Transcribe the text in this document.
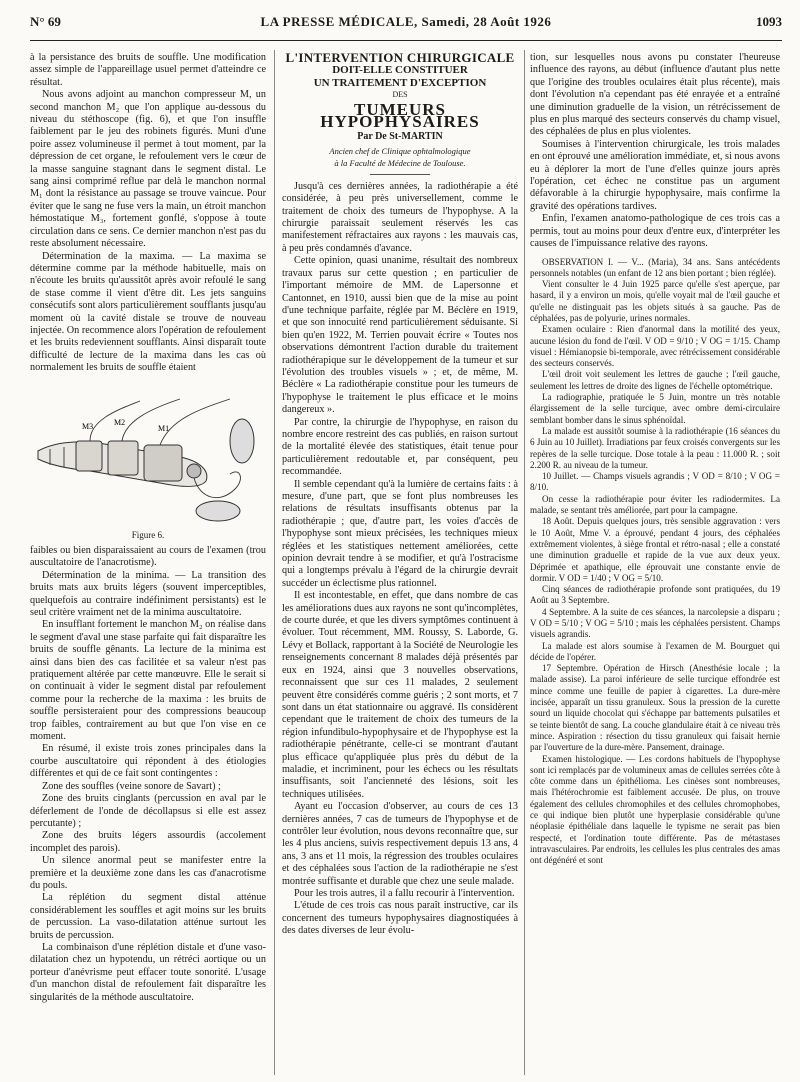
N° 69	LA PRESSE MÉDICALE, Samedi, 28 Août 1926	1093

à la persistance des bruits de souffle. Une modification assez simple de l'appareillage usuel permet d'atteindre ce résultat.

Nous avons adjoint au manchon compresseur M, un second manchon M₂ que l'on applique au-dessous du niveau du stéthoscope (fig. 6), et que l'on insuffle faiblement par le jeu des robinets figurés. Muni d'une poire assez volumineuse il permet à tout moment, par la dépression de cet organe, le refoulement vers le cœur de la masse sanguine stagnant dans le segment distal. Le sang ainsi comprimé reflue par delà le manchon normal M₁ dont la résistance au passage se trouve vaincue. Pour éviter que le sang ne fuse vers la main, un étroit manchon hémostatique M₃, fortement gonflé, s'oppose à toute circulation dans ce sens. Ce dernier manchon n'est pas du reste absolument nécessaire.

Détermination de la maxima. — La maxima se détermine comme par la méthode habituelle, mais on n'écoute les bruits qu'aussitôt après avoir refoulé le sang de stase comme il vient d'être dit. Les jets sanguins consécutifs sont alors particulièrement soufflants jusqu'au moment où la cavité distale se trouve de nouveau injectée. On recommence alors l'opération de refoulement et les bruits redeviennent soufflants. Ainsi disparaît toute difficulté de lecture de la maxima dans les cas où normalement les bruits de souffle étaient

M3	M2
M1
Figure 6.

faibles ou bien disparaissaient au cours de l'examen (trou auscultatoire de l'anacrotisme).

Détermination de la minima. — La transition des bruits mats aux bruits légers (souvent imperceptibles, quelquefois au contraire indéfiniment persistants) est le seul critère vraiment net de la minima auscultatoire.

En insufflant fortement le manchon M₂ on réalise dans le segment d'aval une stase parfaite qui fait disparaître les bruits de souffle gênants. La lecture de la minima est ainsi dans bien des cas facilitée et sa valeur n'est pas pratiquement altérée par cette manœuvre. Elle le serait si on continuait à vider le segment distal par refoulement comme pour la recherche de la maxima : les bruits de souffle persisteraient pour des compressions beaucoup trop faibles, contrairement au but que l'on vise en ce moment.

En résumé, il existe trois zones principales dans la courbe auscultatoire qui répondent à des étiologies différentes et qui de ce fait sont contingentes :

Zone des souffles (veine sonore de Savart) ;

Zone des bruits cinglants (percussion en aval par le déferlement de l'onde de décollapsus si elle est assez percutante) ;

Zone des bruits légers assourdis (accolement incomplet des parois).

Un silence anormal peut se manifester entre la première et la deuxième zone dans les cas d'anacrotisme du pouls.

La réplétion du segment distal atténue considérablement les souffles et agit moins sur les bruits de percussion. La vaso-dilatation atténue surtout les bruits de percussion.

La combinaison d'une réplétion distale et d'une vaso-dilatation chez un hypotendu, un rétréci aortique ou un porteur d'anévrisme peut effacer toute sonorité. L'usage d'un manchon distal de refoulement fait disparaître les singularités de la méthode auscultatoire.

L'INTERVENTION CHIRURGICALE
DOIT-ELLE CONSTITUER
UN TRAITEMENT D'EXCEPTION
DES
TUMEURS HYPOPHYSAIRES
Par De St-MARTIN
Ancien chef de Clinique ophtalmologique
à la Faculté de Médecine de Toulouse.

Jusqu'à ces dernières années, la radiothérapie a été considérée, à peu près universellement, comme le traitement de choix des tumeurs de l'hypophyse. A la chirurgie paraissait seulement réservés les cas manifestement réfractaires aux rayons : les mauvais cas, à peu près condamnés d'avance.

Cette opinion, quasi unanime, résultait des nombreux travaux parus sur cette question ; en particulier de l'important mémoire de MM. de Lapersonne et Cantonnet, en 1910, aussi bien que de la mise au point d'une technique parfaite, réglée par M. Béclère en 1919, et que son innocuité rend particulièrement séduisante. Si bien qu'en 1922, M. Terrien pouvait écrire « Toutes nos observations démontrent l'action durable du traitement radiothérapique sur le développement de la tumeur et sur l'évolution des troubles visuels » ; et, de même, M. Béclère « La radiothérapie constitue pour les tumeurs de l'hypophyse le traitement le plus efficace et le moins dangereux ».

Par contre, la chirurgie de l'hypophyse, en raison du nombre encore restreint des cas publiés, en raison surtout de la mortalité élevée des statistiques, était tenue pour particulièrement redoutable et, par conséquent, peu recommandée.

Il semble cependant qu'à la lumière de certains faits : à mesure, d'une part, que se font plus nombreuses les relations de résultats insuffisants obtenus par la radiothérapie ; que, d'autre part, les voies d'accès de l'hypophyse sont mieux précisées, les techniques mieux réglées et les statistiques nettement améliorées, cette opinion devrait tendre à se modifier, et qu'à l'ostracisme qui a longtemps prévalu à l'égard de la chirurgie devrait succéder un éclectisme plus rationnel.

Il est incontestable, en effet, que dans nombre de cas les améliorations dues aux rayons ne sont qu'incomplètes, de courte durée, et que les divers symptômes continuent à évoluer. Tout récemment, MM. Roussy, S. Laborde, G. Lévy et Bollack, rapportant à la Société de Neurologie les renseignements concernant 8 malades déjà présentés par eux en 1924, ainsi que 3 nouvelles observations, reconnaissent que sur ces 11 malades, 2 seulement peuvent être considérés comme guéris ; 2 sont morts, et 7 sont dans un état stationnaire ou aggravé. Ils considèrent cependant que le traitement de choix des tumeurs de la région infundibulo-hypophysaire et de l'hypophyse est la radiothérapie pénétrante, celle-ci se montrant d'autant plus efficace qu'appliquée plus près du début de la maladie, et incriminent, pour les échecs ou les résultats insuffisants, soit l'ancienneté des lésions, soit les techniques utilisées.

Ayant eu l'occasion d'observer, au cours de ces 13 dernières années, 7 cas de tumeurs de l'hypophyse et de contrôler leur évolution, nous devons reconnaître que, sur les 4 plus anciens, suivis respectivement depuis 13 ans, 4 ans, 3 ans et 11 mois, la régression des troubles oculaires et des céphalées sous l'action de la radiothérapie ne s'est montrée suffisante et durable que chez une seule malade.

Pour les trois autres, il a fallu recourir à l'intervention.

L'étude de ces trois cas nous paraît instructive, car ils concernent des tumeurs hypophysaires diagnostiquées à des dates diverses de leur évolu-

tion, sur lesquelles nous avons pu constater l'heureuse influence des rayons, au début (influence d'autant plus nette que l'origine des troubles oculaires était plus récente), mais dont l'évolution n'a cependant pas été enrayée et a entraîné une diminution graduelle de la vision, un rétrécissement de plus en plus marqué des secteurs conservés du champ visuel, des céphalées de plus en plus violentes.

Soumises à l'intervention chirurgicale, les trois malades en ont éprouvé une amélioration immédiate, et, si nous avons eu à déplorer la mort de l'une d'elles quinze jours après l'opération, cet échec ne constitue pas un argument défavorable à la chirurgie hypophysaire, mais confirme la gravité des opérations tardives.

Enfin, l'examen anatomo-pathologique de ces trois cas a permis, tout au moins pour deux d'entre eux, d'interpréter les causes de l'impuissance relative des rayons.

OBSERVATION I. — V... (Maria), 34 ans. Sans antécédents personnels notables (un enfant de 12 ans bien portant ; bien réglée).

Vient consulter le 4 Juin 1925 parce qu'elle s'est aperçue, par hasard, il y a environ un mois, qu'elle voyait mal de l'œil gauche et qu'elle ne distinguait pas les objets situés à sa gauche. Pas de céphalées, pas de polyurie, urines normales.

Examen oculaire : Rien d'anormal dans la motilité des yeux, aucune lésion du fond de l'œil. V OD = 9/10 ; V OG = 1/15. Champ visuel : Hémianopsie bi-temporale, avec rétrécissement considérable des secteurs conservés.

L'œil droit voit seulement les lettres de gauche ; l'œil gauche, seulement les lettres de droite des lignes de l'échelle optométrique.

La radiographie, pratiquée le 5 Juin, montre un très notable élargissement de la selle turcique, avec ombre demi-circulaire semblant bomber dans le sinus sphénoïdal.

La malade est aussitôt soumise à la radiothérapie (16 séances du 6 Juin au 10 Juillet). Irradiations par feux croisés convergents sur les repères de la selle turcique. Dose totale à la peau : 11.000 R. ; soit 2.200 R. au niveau de la tumeur.

10 Juillet. — Champs visuels agrandis ; V OD = 8/10 ; V OG = 8/10.

On cesse la radiothérapie pour éviter les radiodermites. La malade, se sentant très améliorée, part pour la campagne.

18 Août. Depuis quelques jours, très sensible aggravation : vers le 10 Août, Mme V. a éprouvé, pendant 4 jours, des céphalées extrêmement violentes, à siège frontal et rétro-nasal ; elle a constaté une diminution graduelle et rapide de la vue aux deux yeux. Déprimée et apathique, elle éprouvait une constante envie de dormir. V OD = 1/40 ; V OG = 5/10.

Cinq séances de radiothérapie profonde sont pratiquées, du 19 Août au 3 Septembre.

4 Septembre. A la suite de ces séances, la narcolepsie a disparu ; V OD = 5/10 ; V OG = 5/10 ; mais les céphalées persistent. Champs visuels agrandis.

La malade est alors soumise à l'examen de M. Bourguet qui décide de l'opérer.

17 Septembre. Opération de Hirsch (Anesthésie locale ; la malade assise). La paroi inférieure de selle turcique effondrée est mince comme une feuille de papier à cigarettes. La dure-mère incisée, apparaît un tissu granuleux. Sous la pression de la curette sourd un liquide chocolat qui s'échappe par battements pulsatiles et se teinte bientôt de sang. La couche glandulaire était à ce niveau très mince. Aspiration : résection du tissu granuleux qui faisait hernie par l'ouverture de la dure-mère. Pansement, drainage.

Examen histologique. — Les cordons habituels de l'hypophyse sont ici remplacés par de volumineux amas de cellules serrées côte à côte comme dans un épithélioma. Les cinèses sont nombreuses, mais l'hétérochromie est faiblement accusée. De plus, on trouve également des cellules chromophiles et des cellules chromophobes, ce qui indique bien plutôt une hyperplasie considérable qu'une néoplasie épithéliale dans laquelle le typisme ne serait pas bien respecté, et l'ordination toute différente. Pas de métastases intravasculaires. Par endroits, les cellules les plus centrales des amas ont dégénéré et sont
